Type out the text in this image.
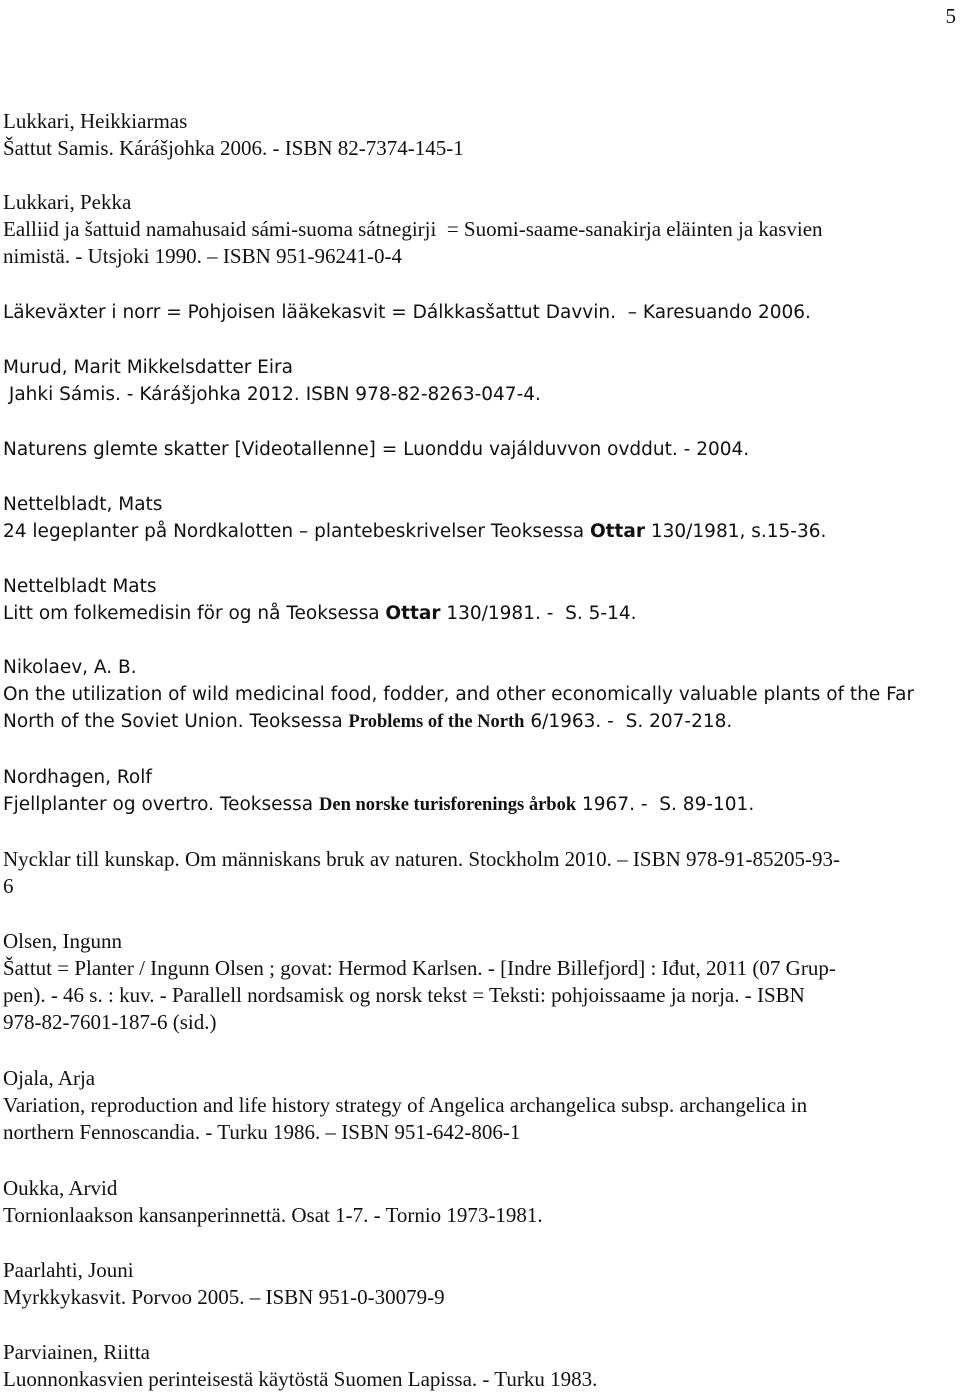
5
Lukkari, Heikkiarmas
Šattut Samis. Kárášjohka 2006. - ISBN 82-7374-145-1
Lukkari, Pekka
Ealliid ja šattuid namahusaid sámi-suoma sátnegirji  = Suomi-saame-sanakirja eläinten ja kasvien
nimistä. - Utsjoki 1990. – ISBN 951-96241-0-4
Läkeväxter i norr = Pohjoisen lääkekasvit = Dálkkasšattut Davvin.  – Karesuando 2006.
Murud, Marit Mikkelsdatter Eira
Jahki Sámis. - Kárášjohka 2012. ISBN 978-82-8263-047-4.
Naturens glemte skatter [Videotallenne] = Luonddu vajálduvvon ovddut. - 2004.
Nettelbladt, Mats
24 legeplanter på Nordkalotten – plantebeskrivelser Teoksessa Ottar 130/1981, s.15-36.
Nettelbladt Mats
Litt om folkemedisin för og nå Teoksessa Ottar 130/1981. -  S. 5-14.
Nikolaev, A. B.
On the utilization of wild medicinal food, fodder, and other economically valuable plants of the Far
North of the Soviet Union. Teoksessa Problems of the North 6/1963. -  S. 207-218.
Nordhagen, Rolf
Fjellplanter og overtro. Teoksessa Den norske turisforenings årbok 1967. -  S. 89-101.
Nycklar till kunskap. Om människans bruk av naturen. Stockholm 2010. – ISBN 978-91-85205-93-
6
Olsen, Ingunn
Šattut = Planter / Ingunn Olsen ; govat: Hermod Karlsen. - [Indre Billefjord] : Iđut, 2011 (07 Grup-
pen). - 46 s. : kuv. - Parallell nordsamisk og norsk tekst = Teksti: pohjoissaame ja norja. - ISBN
978-82-7601-187-6 (sid.)
Ojala, Arja
Variation, reproduction and life history strategy of Angelica archangelica subsp. archangelica in
northern Fennoscandia. - Turku 1986. – ISBN 951-642-806-1
Oukka, Arvid
Tornionlaakson kansanperinnettä. Osat 1-7. - Tornio 1973-1981.
Paarlahti, Jouni
Myrkkykasvit. Porvoo 2005. – ISBN 951-0-30079-9
Parviainen, Riitta
Luonnonkasvien perinteisestä käytöstä Suomen Lapissa. - Turku 1983.
